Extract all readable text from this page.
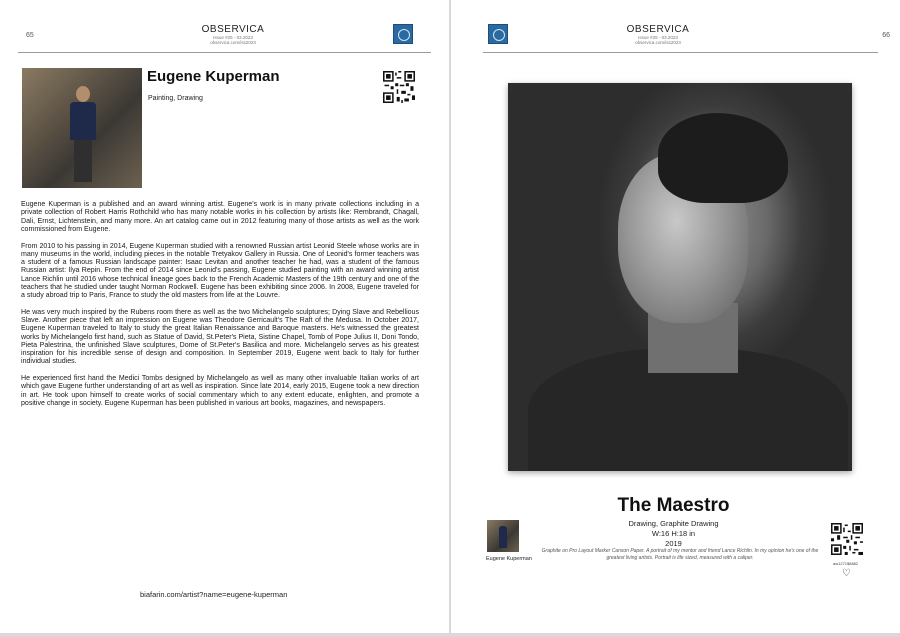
65
OBSERVICA
Issue #25 - 03.2023
observica.com/iss2023
Eugene Kuperman
Painting, Drawing

Eugene Kuperman is a published and an award winning artist. Eugene's work is in many private collections including in a private collection of Robert Harris Rothchild who has many notable works in his collection by artists like: Rembrandt, Chagall, Dali, Ernst, Lichtenstein, and many more. An art catalog came out in 2012 featuring many of those artists as well as the work commissioned from Eugene.

From 2010 to his passing in 2014, Eugene Kuperman studied with a renowned Russian artist Leonid Steele whose works are in many museums in the world, including pieces in the notable Tretyakov Gallery in Russia. One of Leonid's former teachers was a student of a famous Russian landscape painter: Isaac Levitan and another teacher he had, was a student of the famous Russian artist: Ilya Repin. From the end of 2014 since Leonid's passing, Eugene studied painting with an award winning artist Lance Richlin until 2016 whose technical lineage goes back to the French Academic Masters of the 19th century and one of the teachers that he studied under taught Norman Rockwell. Eugene has been exhibiting since 2006. In 2008, Eugene traveled for a study abroad trip to Paris, France to study the old masters from life at the Louvre.

He was very much inspired by the Rubens room there as well as the two Michelangelo sculptures; Dying Slave and Rebellious Slave. Another piece that left an impression on Eugene was Theodore Gerricault's The Raft of the Medusa. In October 2017, Eugene Kuperman traveled to Italy to study the great Italian Renaissance and Baroque masters. He's witnessed the greatest works by Michelangelo first hand, such as Statue of David, St.Peter's Pieta, Sistine Chapel, Tomb of Pope Julius II, Doni Tondo, Pieta Palestrina, the unfinished Slave sculptures, Dome of St.Peter's Basilica and more. Michelangelo serves as his greatest inspiration for his incredible sense of design and composition. In September 2019, Eugene went back to Italy for further individual studies.

He experienced first hand the Medici Tombs designed by Michelangelo as well as many other invaluable Italian works of art which gave Eugene further understanding of art as well as inspiration. Since late 2014, early 2015, Eugene took a new direction in art. He took upon himself to create works of social commentary which to any extent educate, enlighten, and promote a positive change in society. Eugene Kuperman has been published in various art books, magazines, and newspapers.

biafarin.com/artist?name=eugene-kuperman
OBSERVICA
Issue #25 - 03.2023
observica.com/iss2023
66
The Maestro
Drawing, Graphite Drawing
W:16 H:18 in
2019
Graphite on Pro Layout Marker Canson Paper. A portrait of my mentor and friend Lance Richlin. In my opinion he's one of the greatest living artists. Portrait is life sized, measured with a caliper.
Eugene Kuperman
aw1271$8882
♡
